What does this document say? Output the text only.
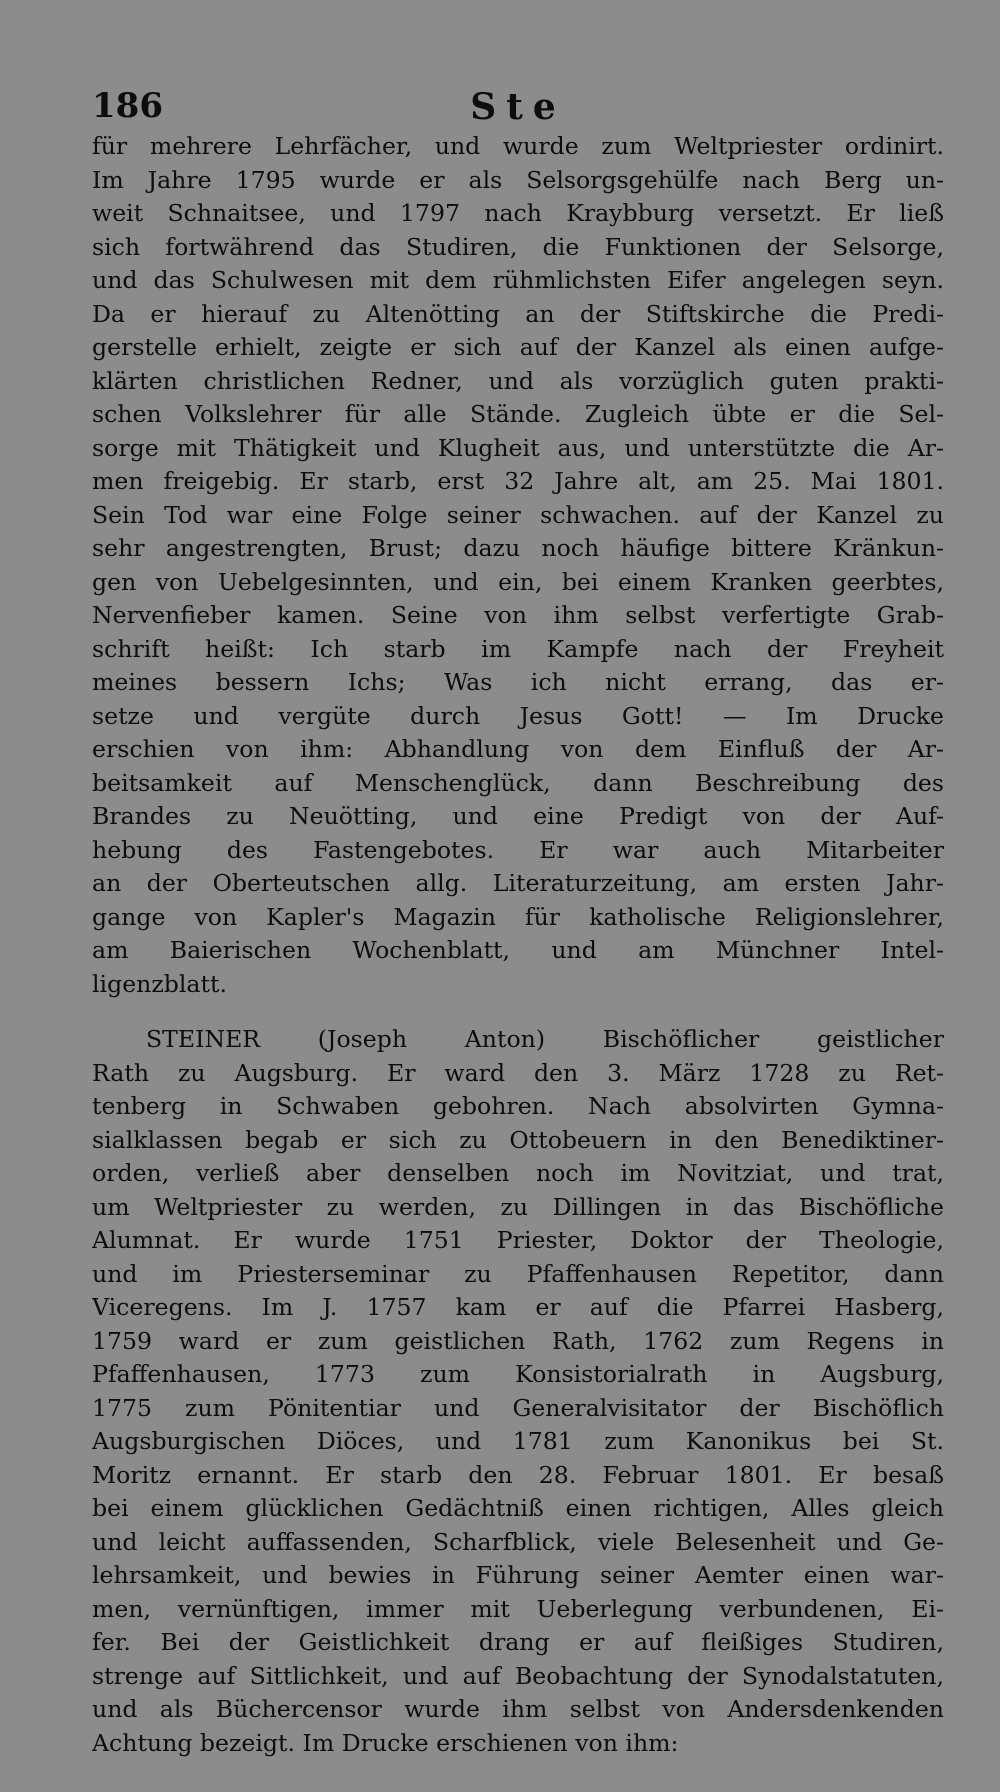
186	Ste
für mehrere Lehrfächer, und wurde zum Weltpriester ordinirt.
Im Jahre 1795 wurde er als Selsorgsgehülfe nach Berg un-
weit Schnaitsee, und 1797 nach Kraybburg versetzt. Er ließ
sich fortwährend das Studiren, die Funktionen der Selsorge,
und das Schulwesen mit dem rühmlichsten Eifer angelegen seyn.
Da er hierauf zu Altenötting an der Stiftskirche die Predi-
gerstelle erhielt, zeigte er sich auf der Kanzel als einen aufge-
klärten christlichen Redner, und als vorzüglich guten prakti-
schen Volkslehrer für alle Stände. Zugleich übte er die Sel-
sorge mit Thätigkeit und Klugheit aus, und unterstützte die Ar-
men freigebig. Er starb, erst 32 Jahre alt, am 25. Mai 1801.
Sein Tod war eine Folge seiner schwachen. auf der Kanzel zu
sehr angestrengten, Brust; dazu noch häufige bittere Kränkun-
gen von Uebelgesinnten, und ein, bei einem Kranken geerbtes,
Nervenfieber kamen. Seine von ihm selbst verfertigte Grab-
schrift heißt: Ich starb im Kampfe nach der Freyheit
meines bessern Ichs; Was ich nicht errang, das er-
setze und vergüte durch Jesus Gott! — Im Drucke
erschien von ihm: Abhandlung von dem Einfluß der Ar-
beitsamkeit auf Menschenglück, dann Beschreibung des
Brandes zu Neuötting, und eine Predigt von der Auf-
hebung des Fastengebotes. Er war auch Mitarbeiter
an der Oberteutschen allg. Literaturzeitung, am ersten Jahr-
gange von Kapler's Magazin für katholische Religionslehrer,
am Baierischen Wochenblatt, und am Münchner Intel-
ligenzblatt.
STEINER (Joseph Anton) Bischöflicher geistlicher
Rath zu Augsburg. Er ward den 3. März 1728 zu Ret-
tenberg in Schwaben gebohren. Nach absolvirten Gymna-
sialklassen begab er sich zu Ottobeuern in den Benediktiner-
orden, verließ aber denselben noch im Novitziat, und trat,
um Weltpriester zu werden, zu Dillingen in das Bischöfliche
Alumnat. Er wurde 1751 Priester, Doktor der Theologie,
und im Priesterseminar zu Pfaffenhausen Repetitor, dann
Viceregens. Im J. 1757 kam er auf die Pfarrei Hasberg,
1759 ward er zum geistlichen Rath, 1762 zum Regens in
Pfaffenhausen, 1773 zum Konsistorialrath in Augsburg,
1775 zum Pönitentiar und Generalvisitator der Bischöflich
Augsburgischen Diöces, und 1781 zum Kanonikus bei St.
Moritz ernannt. Er starb den 28. Februar 1801. Er besaß
bei einem glücklichen Gedächtniß einen richtigen, Alles gleich
und leicht auffassenden, Scharfblick, viele Belesenheit und Ge-
lehrsamkeit, und bewies in Führung seiner Aemter einen war-
men, vernünftigen, immer mit Ueberlegung verbundenen, Ei-
fer. Bei der Geistlichkeit drang er auf fleißiges Studiren,
strenge auf Sittlichkeit, und auf Beobachtung der Synodalstatuten,
und als Büchercensor wurde ihm selbst von Andersdenkenden
Achtung bezeigt. Im Drucke erschienen von ihm:
